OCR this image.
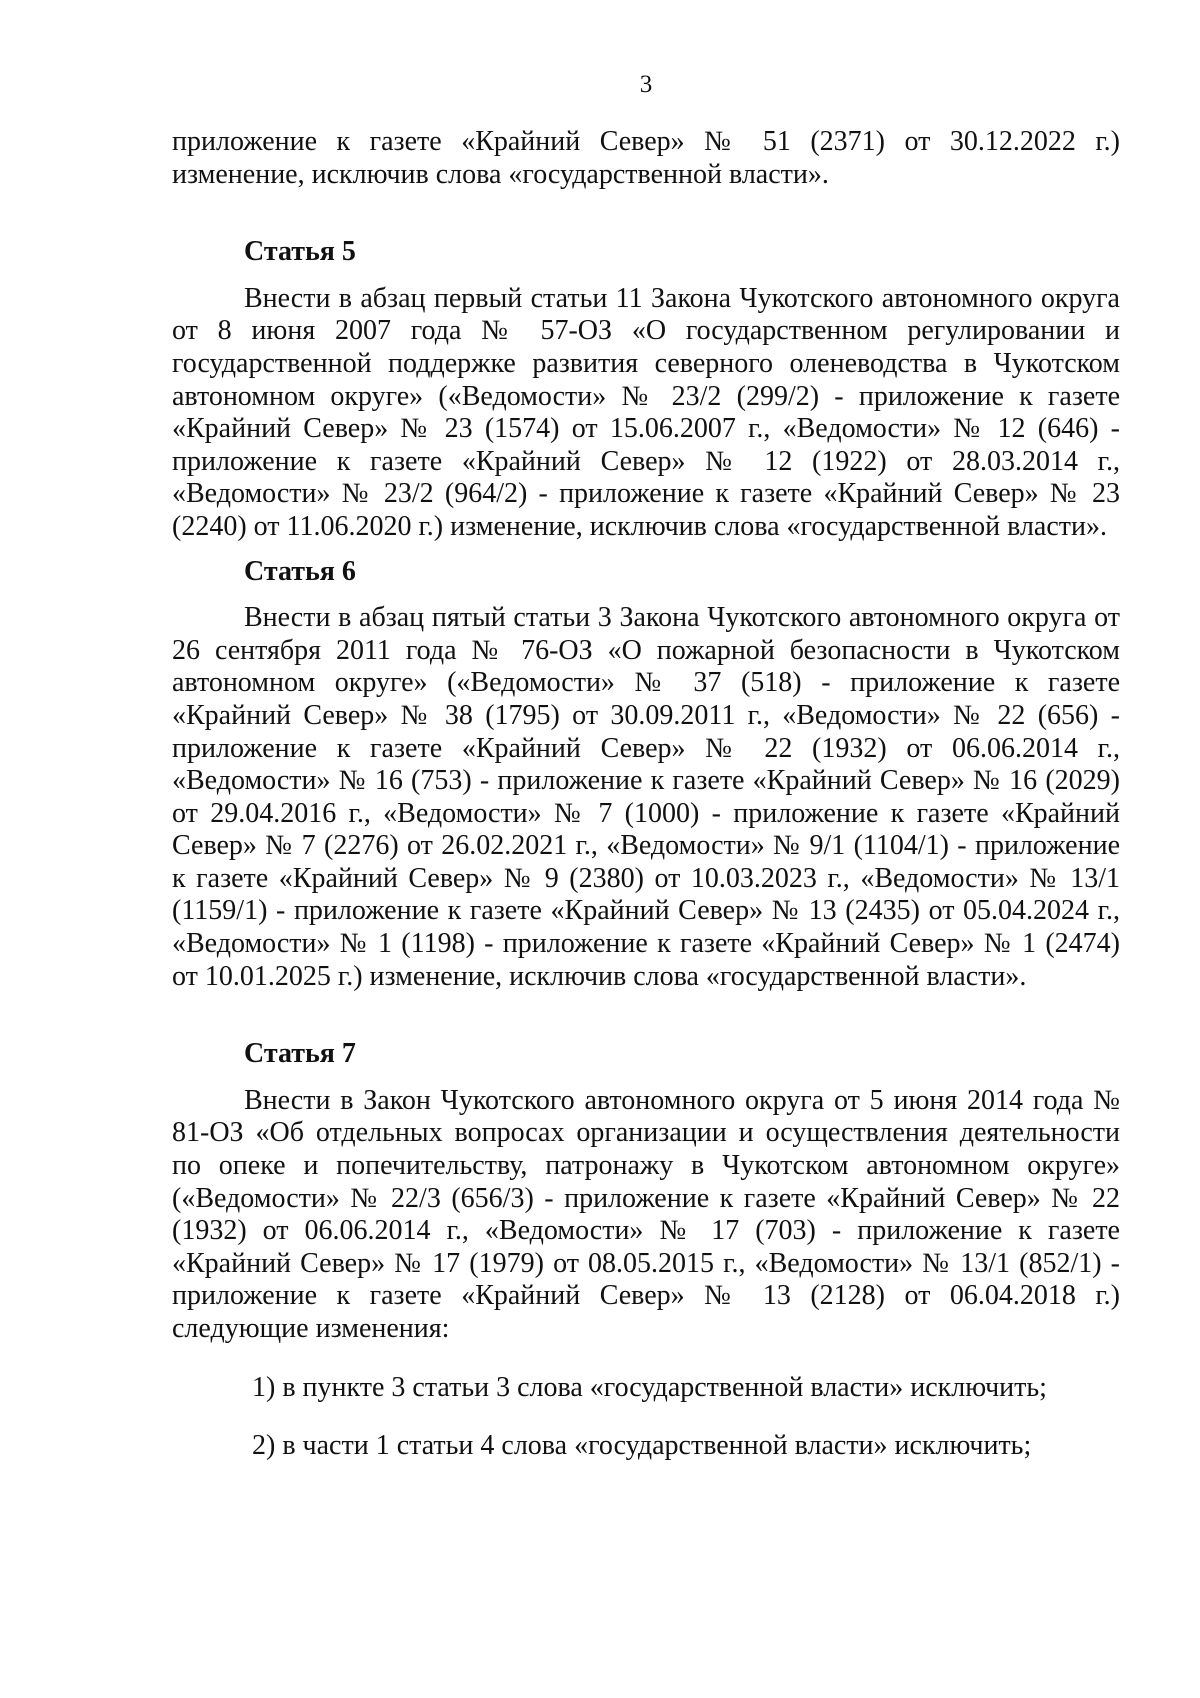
3

приложение к газете «Крайний Север» № 51 (2371) от 30.12.2022 г.) изменение, исключив слова «государственной власти».

Статья 5

Внести в абзац первый статьи 11 Закона Чукотского автономного округа от 8 июня 2007 года № 57-ОЗ «О государственном регулировании и государственной поддержке развития северного оленеводства в Чукотском автономном округе» («Ведомости» № 23/2 (299/2) - приложение к газете «Крайний Север» № 23 (1574) от 15.06.2007 г., «Ведомости» № 12 (646) - приложение к газете «Крайний Север» № 12 (1922) от 28.03.2014 г., «Ведомости» № 23/2 (964/2) - приложение к газете «Крайний Север» № 23 (2240) от 11.06.2020 г.) изменение, исключив слова «государственной власти».

Статья 6

Внести в абзац пятый статьи 3 Закона Чукотского автономного округа от 26 сентября 2011 года № 76-ОЗ «О пожарной безопасности в Чукотском автономном округе» («Ведомости» № 37 (518) - приложение к газете «Крайний Север» № 38 (1795) от 30.09.2011 г., «Ведомости» № 22 (656) - приложение к газете «Крайний Север» № 22 (1932) от 06.06.2014 г., «Ведомости» № 16 (753) - приложение к газете «Крайний Север» № 16 (2029) от 29.04.2016 г., «Ведомости» № 7 (1000) - приложение к газете «Крайний Север» № 7 (2276) от 26.02.2021 г., «Ведомости» № 9/1 (1104/1) - приложение к газете «Крайний Север» № 9 (2380) от 10.03.2023 г., «Ведомости» № 13/1 (1159/1) - приложение к газете «Крайний Север» № 13 (2435) от 05.04.2024 г., «Ведомости» № 1 (1198) - приложение к газете «Крайний Север» № 1 (2474) от 10.01.2025 г.) изменение, исключив слова «государственной власти».

Статья 7

Внести в Закон Чукотского автономного округа от 5 июня 2014 года № 81-ОЗ «Об отдельных вопросах организации и осуществления деятельности по опеке и попечительству, патронажу в Чукотском автономном округе» («Ведомости» № 22/3 (656/3) - приложение к газете «Крайний Север» № 22 (1932) от 06.06.2014 г., «Ведомости» № 17 (703) - приложение к газете «Крайний Север» № 17 (1979) от 08.05.2015 г., «Ведомости» № 13/1 (852/1) - приложение к газете «Крайний Север» № 13 (2128) от 06.04.2018 г.) следующие изменения:

1) в пункте 3 статьи 3 слова «государственной власти» исключить;

2) в части 1 статьи 4 слова «государственной власти» исключить;
